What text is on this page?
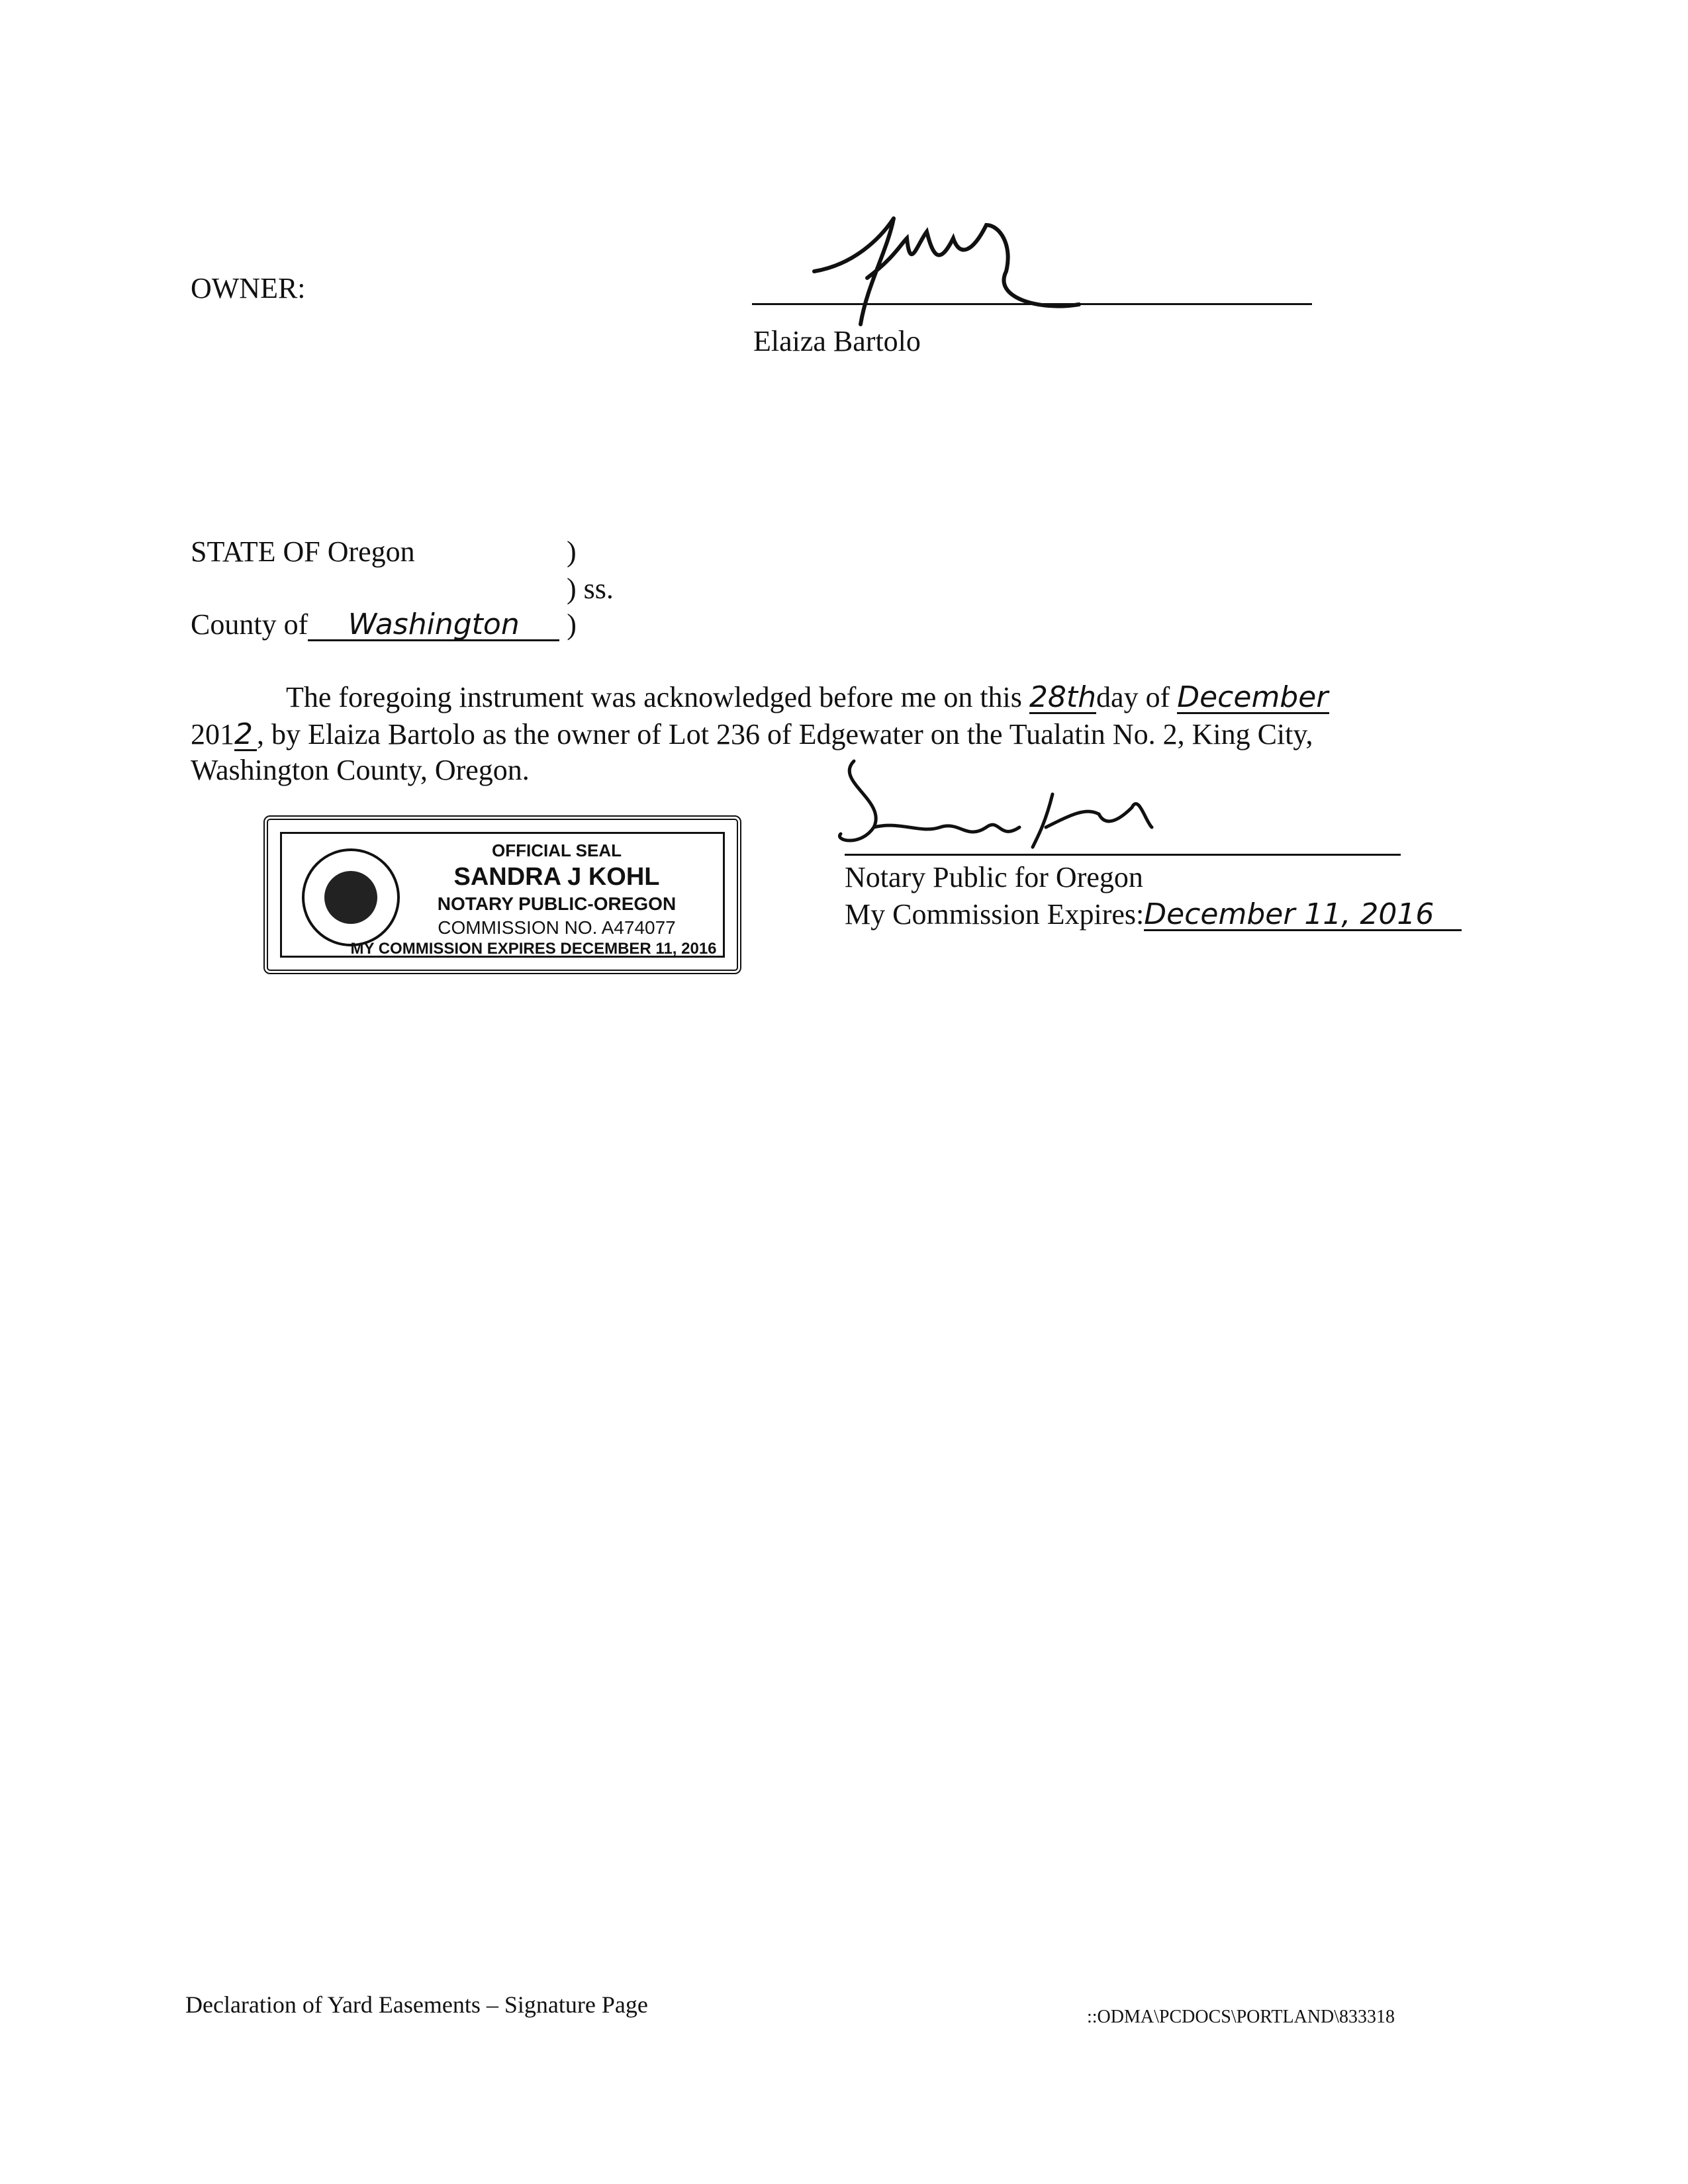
OWNER:
Elaiza Bartolo
STATE OF Oregon	)
) ss.
County of Washington )
The foregoing instrument was acknowledged before me on this 28thday of December
2012 , by Elaiza Bartolo as the owner of Lot 236 of Edgewater on the Tualatin No. 2, King City,
Washington County, Oregon.
OFFICIAL SEAL
SANDRA J KOHL
NOTARY PUBLIC-OREGON
COMMISSION NO. A474077
MY COMMISSION EXPIRES DECEMBER 11, 2016
Notary Public for Oregon
My Commission Expires:December 11, 2016
Declaration of Yard Easements – Signature Page	::ODMA\PCDOCS\PORTLAND\833318
